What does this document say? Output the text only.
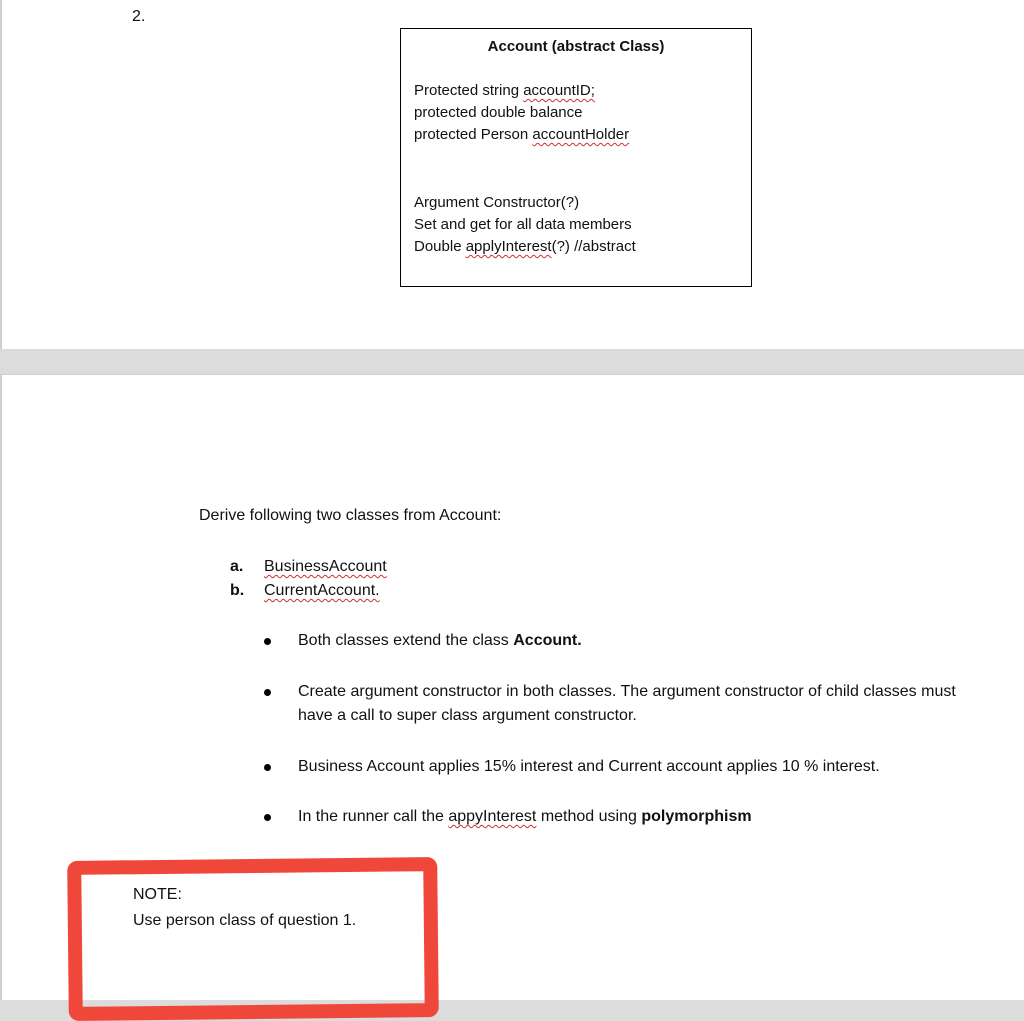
2.
Account (abstract Class)
Protected string accountID;
protected double balance
protected Person accountHolder
Argument Constructor(?)
Set and get for all data members
Double applyInterest(?) //abstract
Derive following two classes from Account:
a. BusinessAccount
b. CurrentAccount.
Both classes extend the class Account.
Create argument constructor in both classes. The argument constructor of child classes must have a call to super class argument constructor.
Business Account applies 15% interest and Current account applies 10 % interest.
In the runner call the appyInterest method using polymorphism
NOTE:
Use person class of question 1.
